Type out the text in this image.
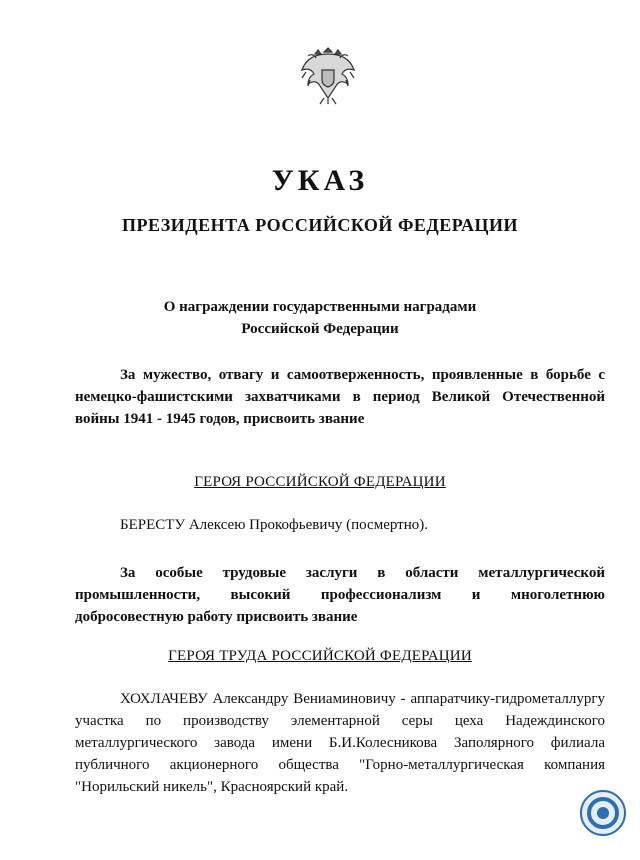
УКАЗ
ПРЕЗИДЕНТА РОССИЙСКОЙ ФЕДЕРАЦИИ
О награждении государственными наградами
Российской Федерации
За мужество, отвагу и самоотверженность, проявленные в борьбе с немецко-фашистскими захватчиками в период Великой Отечественной войны 1941 - 1945 годов, присвоить звание
ГЕРОЯ РОССИЙСКОЙ ФЕДЕРАЦИИ
БЕРЕСТУ Алексею Прокофьевичу (посмертно).
За особые трудовые заслуги в области металлургической промышленности, высокий профессионализм и многолетнюю добросовестную работу присвоить звание
ГЕРОЯ ТРУДА РОССИЙСКОЙ ФЕДЕРАЦИИ
ХОХЛАЧЕВУ Александру Вениаминовичу - аппаратчику-гидрометаллургу участка по производству элементарной серы цеха Надеждинского металлургического завода имени Б.И.Колесникова Заполярного филиала публичного акционерного общества "Горно-металлургическая компания "Норильский никель", Красноярский край.
